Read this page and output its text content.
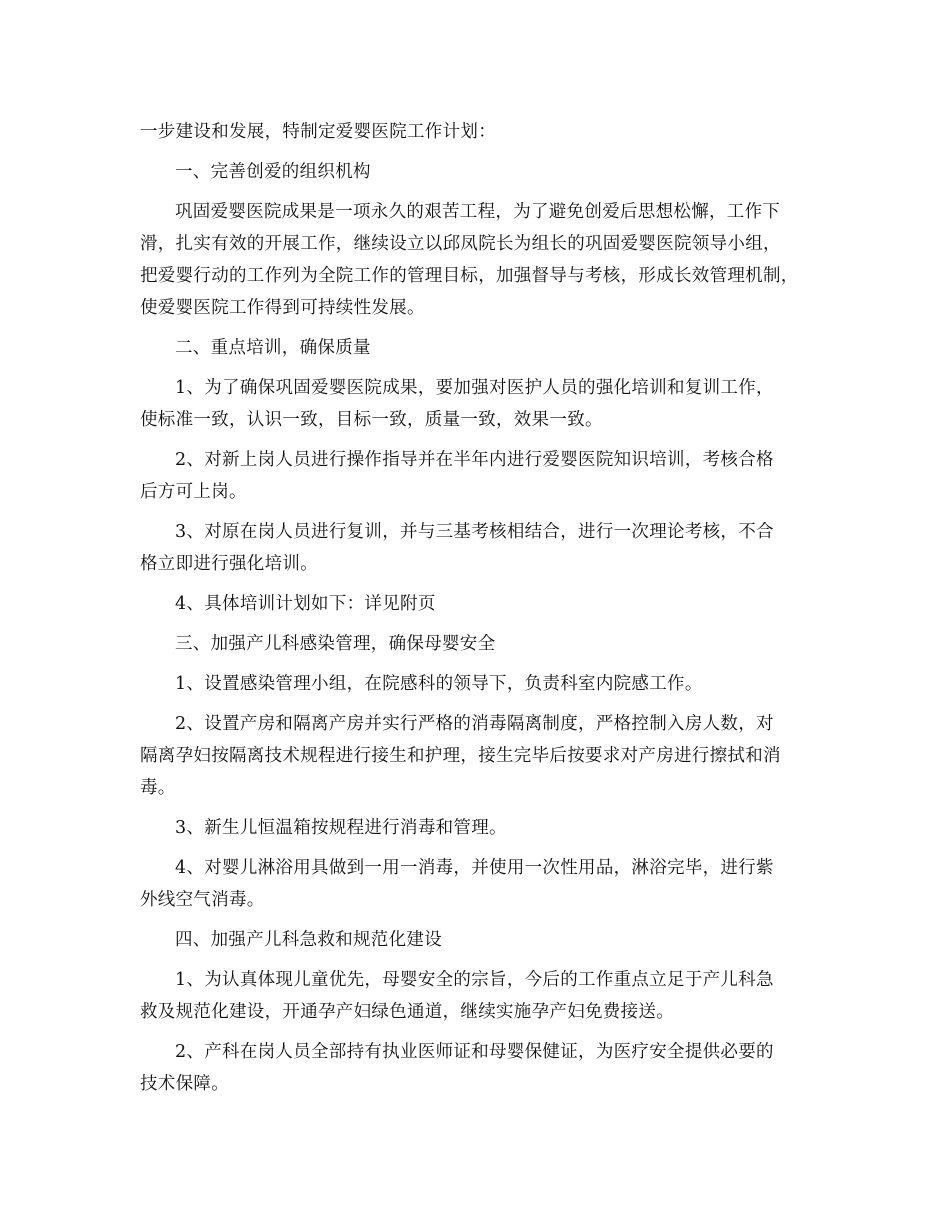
一步建设和发展，特制定爱婴医院工作计划：

一、完善创爱的组织机构

巩固爱婴医院成果是一项永久的艰苦工程，为了避免创爱后思想松懈，工作下
滑，扎实有效的开展工作，继续设立以邱凤院长为组长的巩固爱婴医院领导小组，
把爱婴行动的工作列为全院工作的管理目标，加强督导与考核，形成长效管理机制，
使爱婴医院工作得到可持续性发展。

二、重点培训，确保质量

1、为了确保巩固爱婴医院成果，要加强对医护人员的强化培训和复训工作，
使标准一致，认识一致，目标一致，质量一致，效果一致。

2、对新上岗人员进行操作指导并在半年内进行爱婴医院知识培训，考核合格
后方可上岗。

3、对原在岗人员进行复训，并与三基考核相结合，进行一次理论考核，不合
格立即进行强化培训。

4、具体培训计划如下：详见附页

三、加强产儿科感染管理，确保母婴安全

1、设置感染管理小组，在院感科的领导下，负责科室内院感工作。

2、设置产房和隔离产房并实行严格的消毒隔离制度，严格控制入房人数，对
隔离孕妇按隔离技术规程进行接生和护理，接生完毕后按要求对产房进行擦拭和消
毒。

3、新生儿恒温箱按规程进行消毒和管理。

4、对婴儿淋浴用具做到一用一消毒，并使用一次性用品，淋浴完毕，进行紫
外线空气消毒。

四、加强产儿科急救和规范化建设

1、为认真体现儿童优先，母婴安全的宗旨，今后的工作重点立足于产儿科急
救及规范化建设，开通孕产妇绿色通道，继续实施孕产妇免费接送。

2、产科在岗人员全部持有执业医师证和母婴保健证，为医疗安全提供必要的
技术保障。
